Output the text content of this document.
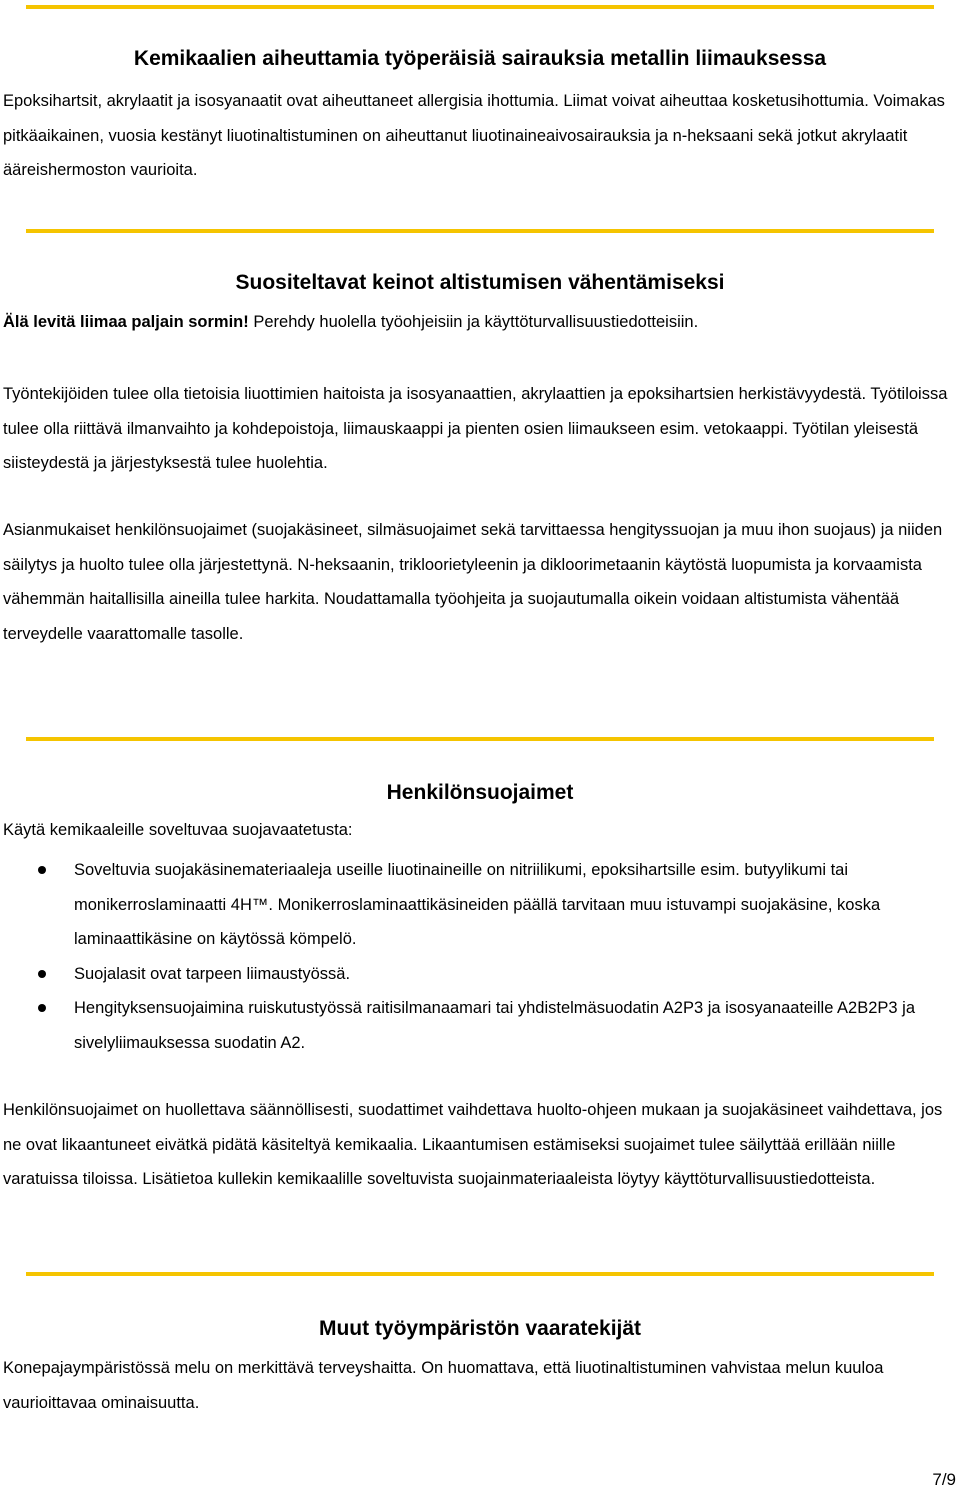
Kemikaalien aiheuttamia työperäisiä sairauksia metallin liimauksessa

Epoksihartsit, akrylaatit ja isosyanaatit ovat aiheuttaneet allergisia ihottumia. Liimat voivat aiheuttaa kosketusihottumia. Voimakas pitkäaikainen, vuosia kestänyt liuotinaltistuminen on aiheuttanut liuotinaineaivosairauksia ja n-heksaani sekä jotkut akrylaatit ääreishermoston vaurioita.

Suositeltavat keinot altistumisen vähentämiseksi

Älä levitä liimaa paljain sormin! Perehdy huolella työohjeisiin ja käyttöturvallisuustiedotteisiin.

Työntekijöiden tulee olla tietoisia liuottimien haitoista ja isosyanaattien, akrylaattien ja epoksihartsien herkistävyydestä. Työtiloissa tulee olla riittävä ilmanvaihto ja kohdepoistoja, liimauskaappi ja pienten osien liimaukseen esim. vetokaappi. Työtilan yleisestä siisteydestä ja järjestyksestä tulee huolehtia.

Asianmukaiset henkilönsuojaimet (suojakäsineet, silmäsuojaimet sekä tarvittaessa hengityssuojan ja muu ihon suojaus) ja niiden säilytys ja huolto tulee olla järjestettynä. N-heksaanin, trikloorietyleenin ja dikloorimetaanin käytöstä luopumista ja korvaamista vähemmän haitallisilla aineilla tulee harkita. Noudattamalla työohjeita ja suojautumalla oikein voidaan altistumista vähentää terveydelle vaarattomalle tasolle.

Henkilönsuojaimet

Käytä kemikaaleille soveltuvaa suojavaatetusta:

Soveltuvia suojakäsinemateriaaleja useille liuotinaineille on nitriilikumi, epoksihartsille esim. butyylikumi tai monikerroslaminaatti 4H™. Monikerroslaminaattikäsineiden päällä tarvitaan muu istuvampi suojakäsine, koska laminaattikäsine on käytössä kömpelö.
Suojalasit ovat tarpeen liimaustyössä.
Hengityksensuojaimina ruiskutustyössä raitisilmanaamari tai yhdistelmäsuodatin A2P3 ja isosyanaateille A2B2P3 ja sivelyliimauksessa suodatin A2.

Henkilönsuojaimet on huollettava säännöllisesti, suodattimet vaihdettava huolto-ohjeen mukaan ja suojakäsineet vaihdettava, jos ne ovat likaantuneet eivätkä pidätä käsiteltyä kemikaalia. Likaantumisen estämiseksi suojaimet tulee säilyttää erillään niille varatuissa tiloissa. Lisätietoa kullekin kemikaalille soveltuvista suojainmateriaaleista löytyy käyttöturvallisuustiedotteista.

Muut työympäristön vaaratekijät

Konepajaympäristössä melu on merkittävä terveyshaitta. On huomattava, että liuotinaltistuminen vahvistaa melun kuuloa vaurioittavaa ominaisuutta.

7/9
